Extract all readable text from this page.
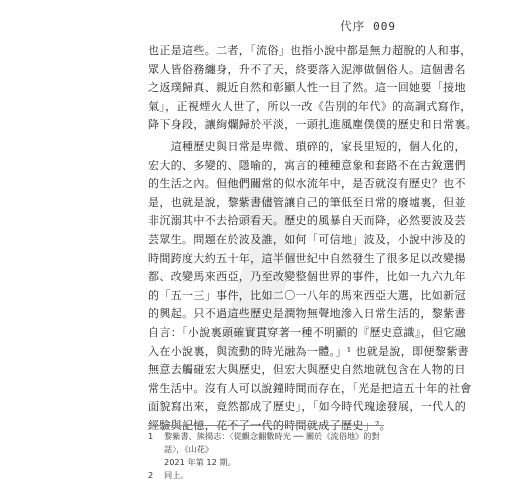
代序 009
也正是這些。二者，「流俗」也指小說中都是無力超脫的人和事，
眾人皆俗務纏身，升不了天，終要落入泥濘做個俗人。這個書名
之返璞歸真、親近自然和彰顯人性一目了然。這一回她要「接地
氣」，正視煙火人世了，所以一改《告別的年代》的高調式寫作，
降下身段，讓絢爛歸於平淡，一頭扎進風塵僕僕的歷史和日常裏。
　　這種歷史與日常是卑微、瑣碎的，家長里短的，個人化的，
宏大的、多變的、隱喻的，寓言的種種意象和套路不在古銳選們
的生活之內。但他們關常的似水流年中，是否就沒有歷史？也不
是，也就是說，黎紫書儘管讓自己的筆低至日常的廢墟裏，但並
非沉溺其中不去拾頭看天。歷史的風暴自天而降，必然要波及芸
芸眾生。問題在於波及誰，如何「可信地」波及，小說中涉及的
時間跨度大約五十年，這半個世紀中自然發生了很多足以改變揚
都、改變馬來西亞，乃至改變整個世界的事件，比如一九六九年
的「五一三」事件，比如二〇一八年的馬來西亞大選，比如新冠
的興起。只不過這些歷史是潤物無聲地滲入日常生活的，黎紫書
自言：「小說裏頭確實貫穿著一種不明顯的『歷史意識』，但它融
入在小說裏，與流動的時光融為一體。」¹ 也就是說，即便黎紫書
無意去觸碰宏大與歷史，但宏大與歷史自然地就包含在人物的日
常生活中。沒有人可以說鐘時間而存在，「光是把這五十年的社會
面貌寫出來，竟然都成了歷史」，「如今時代瑰途發展，一代人的
經驗與記憶，花不了一代的時間就成了歷史」²。
1 黎紫書、熊揚志：〈從觀念翻數時光 ── 關於《流俗地》的對話〉，《山花》
2021 年第 12 期。
2 同上。
